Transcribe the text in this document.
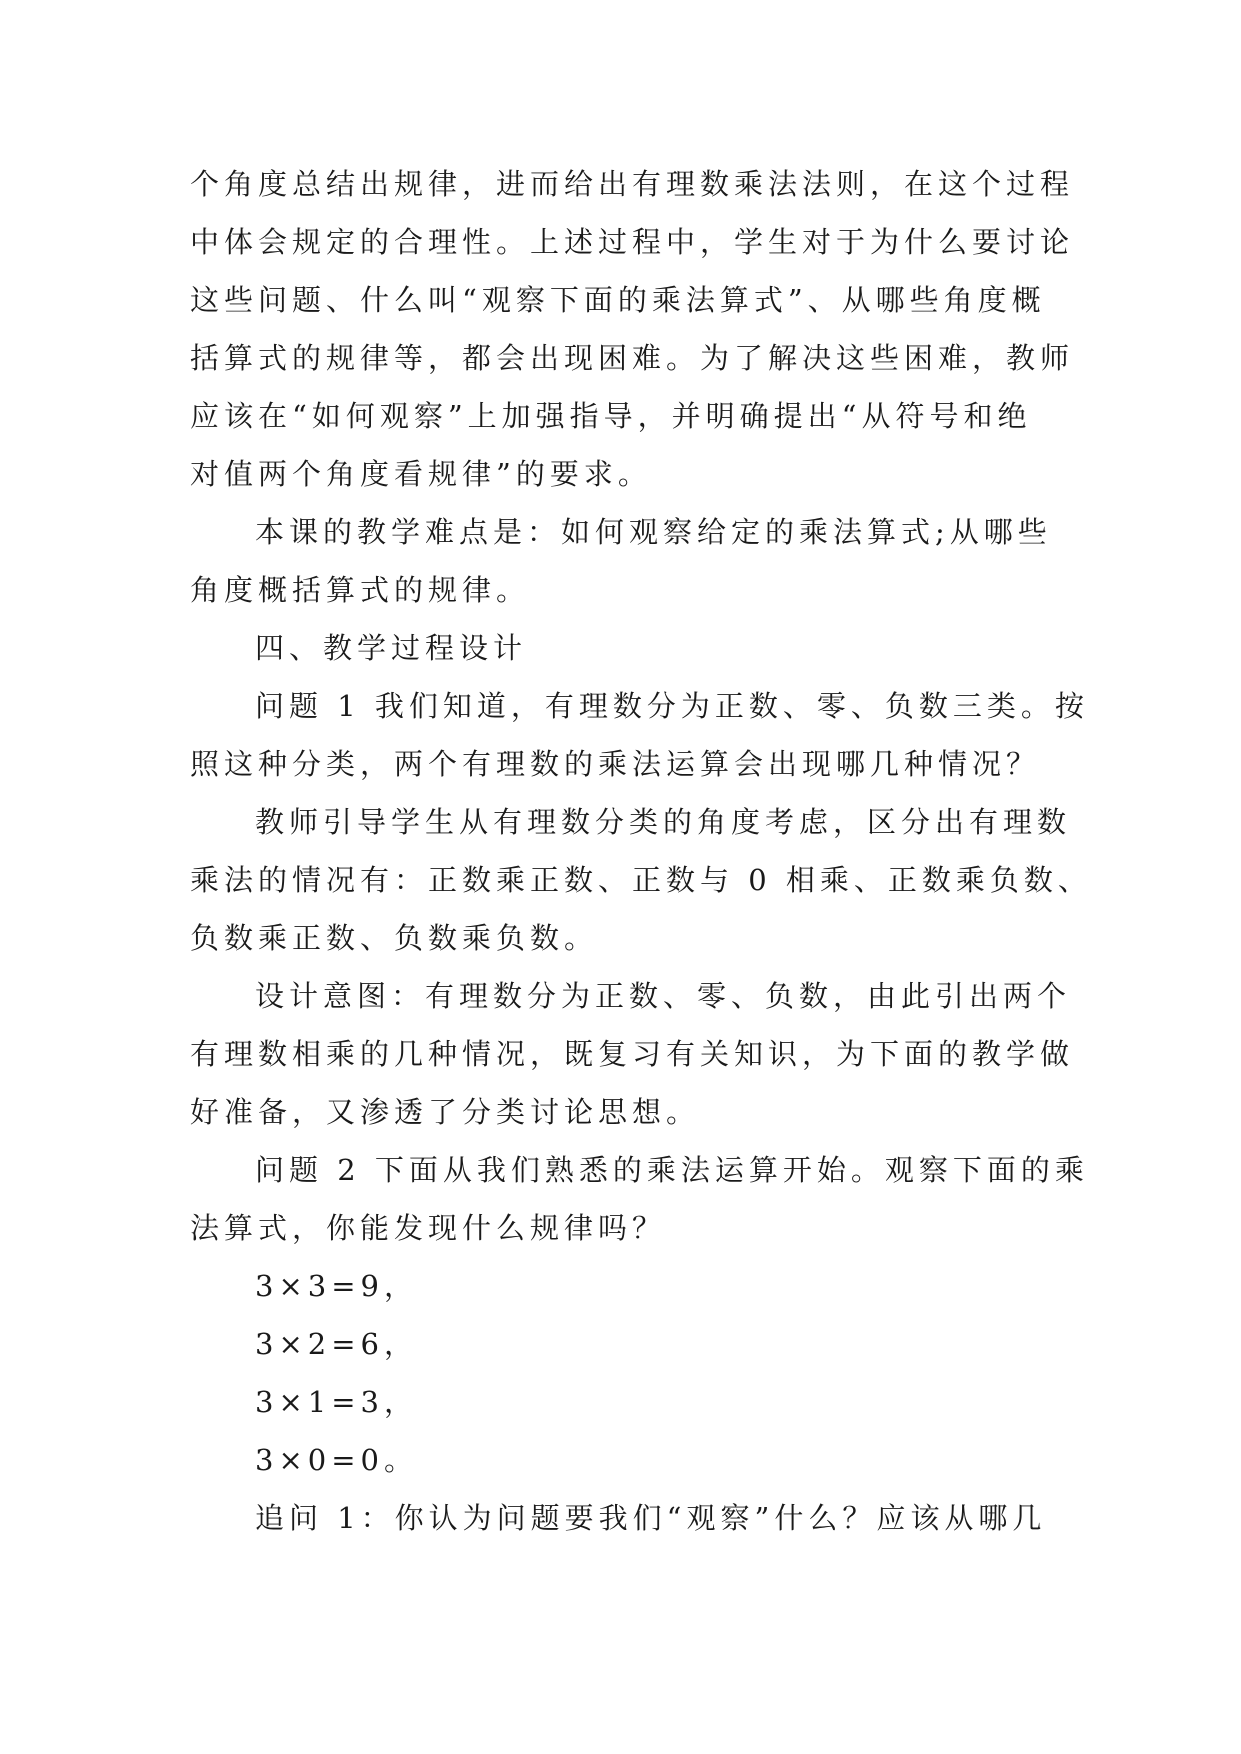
个角度总结出规律，进而给出有理数乘法法则，在这个过程
中体会规定的合理性。上述过程中，学生对于为什么要讨论
这些问题、什么叫“观察下面的乘法算式”、从哪些角度概
括算式的规律等，都会出现困难。为了解决这些困难，教师
应该在“如何观察”上加强指导，并明确提出“从符号和绝
对值两个角度看规律”的要求。
本课的教学难点是：如何观察给定的乘法算式;从哪些
角度概括算式的规律。
四、教学过程设计
问题 1 我们知道，有理数分为正数、零、负数三类。按
照这种分类，两个有理数的乘法运算会出现哪几种情况？
教师引导学生从有理数分类的角度考虑，区分出有理数
乘法的情况有：正数乘正数、正数与 0 相乘、正数乘负数、
负数乘正数、负数乘负数。
设计意图：有理数分为正数、零、负数，由此引出两个
有理数相乘的几种情况，既复习有关知识，为下面的教学做
好准备，又渗透了分类讨论思想。
问题 2 下面从我们熟悉的乘法运算开始。观察下面的乘
法算式，你能发现什么规律吗？
3×3=9，
3×2=6，
3×1=3，
3×0=0。
追问 1：你认为问题要我们“观察”什么？应该从哪几
